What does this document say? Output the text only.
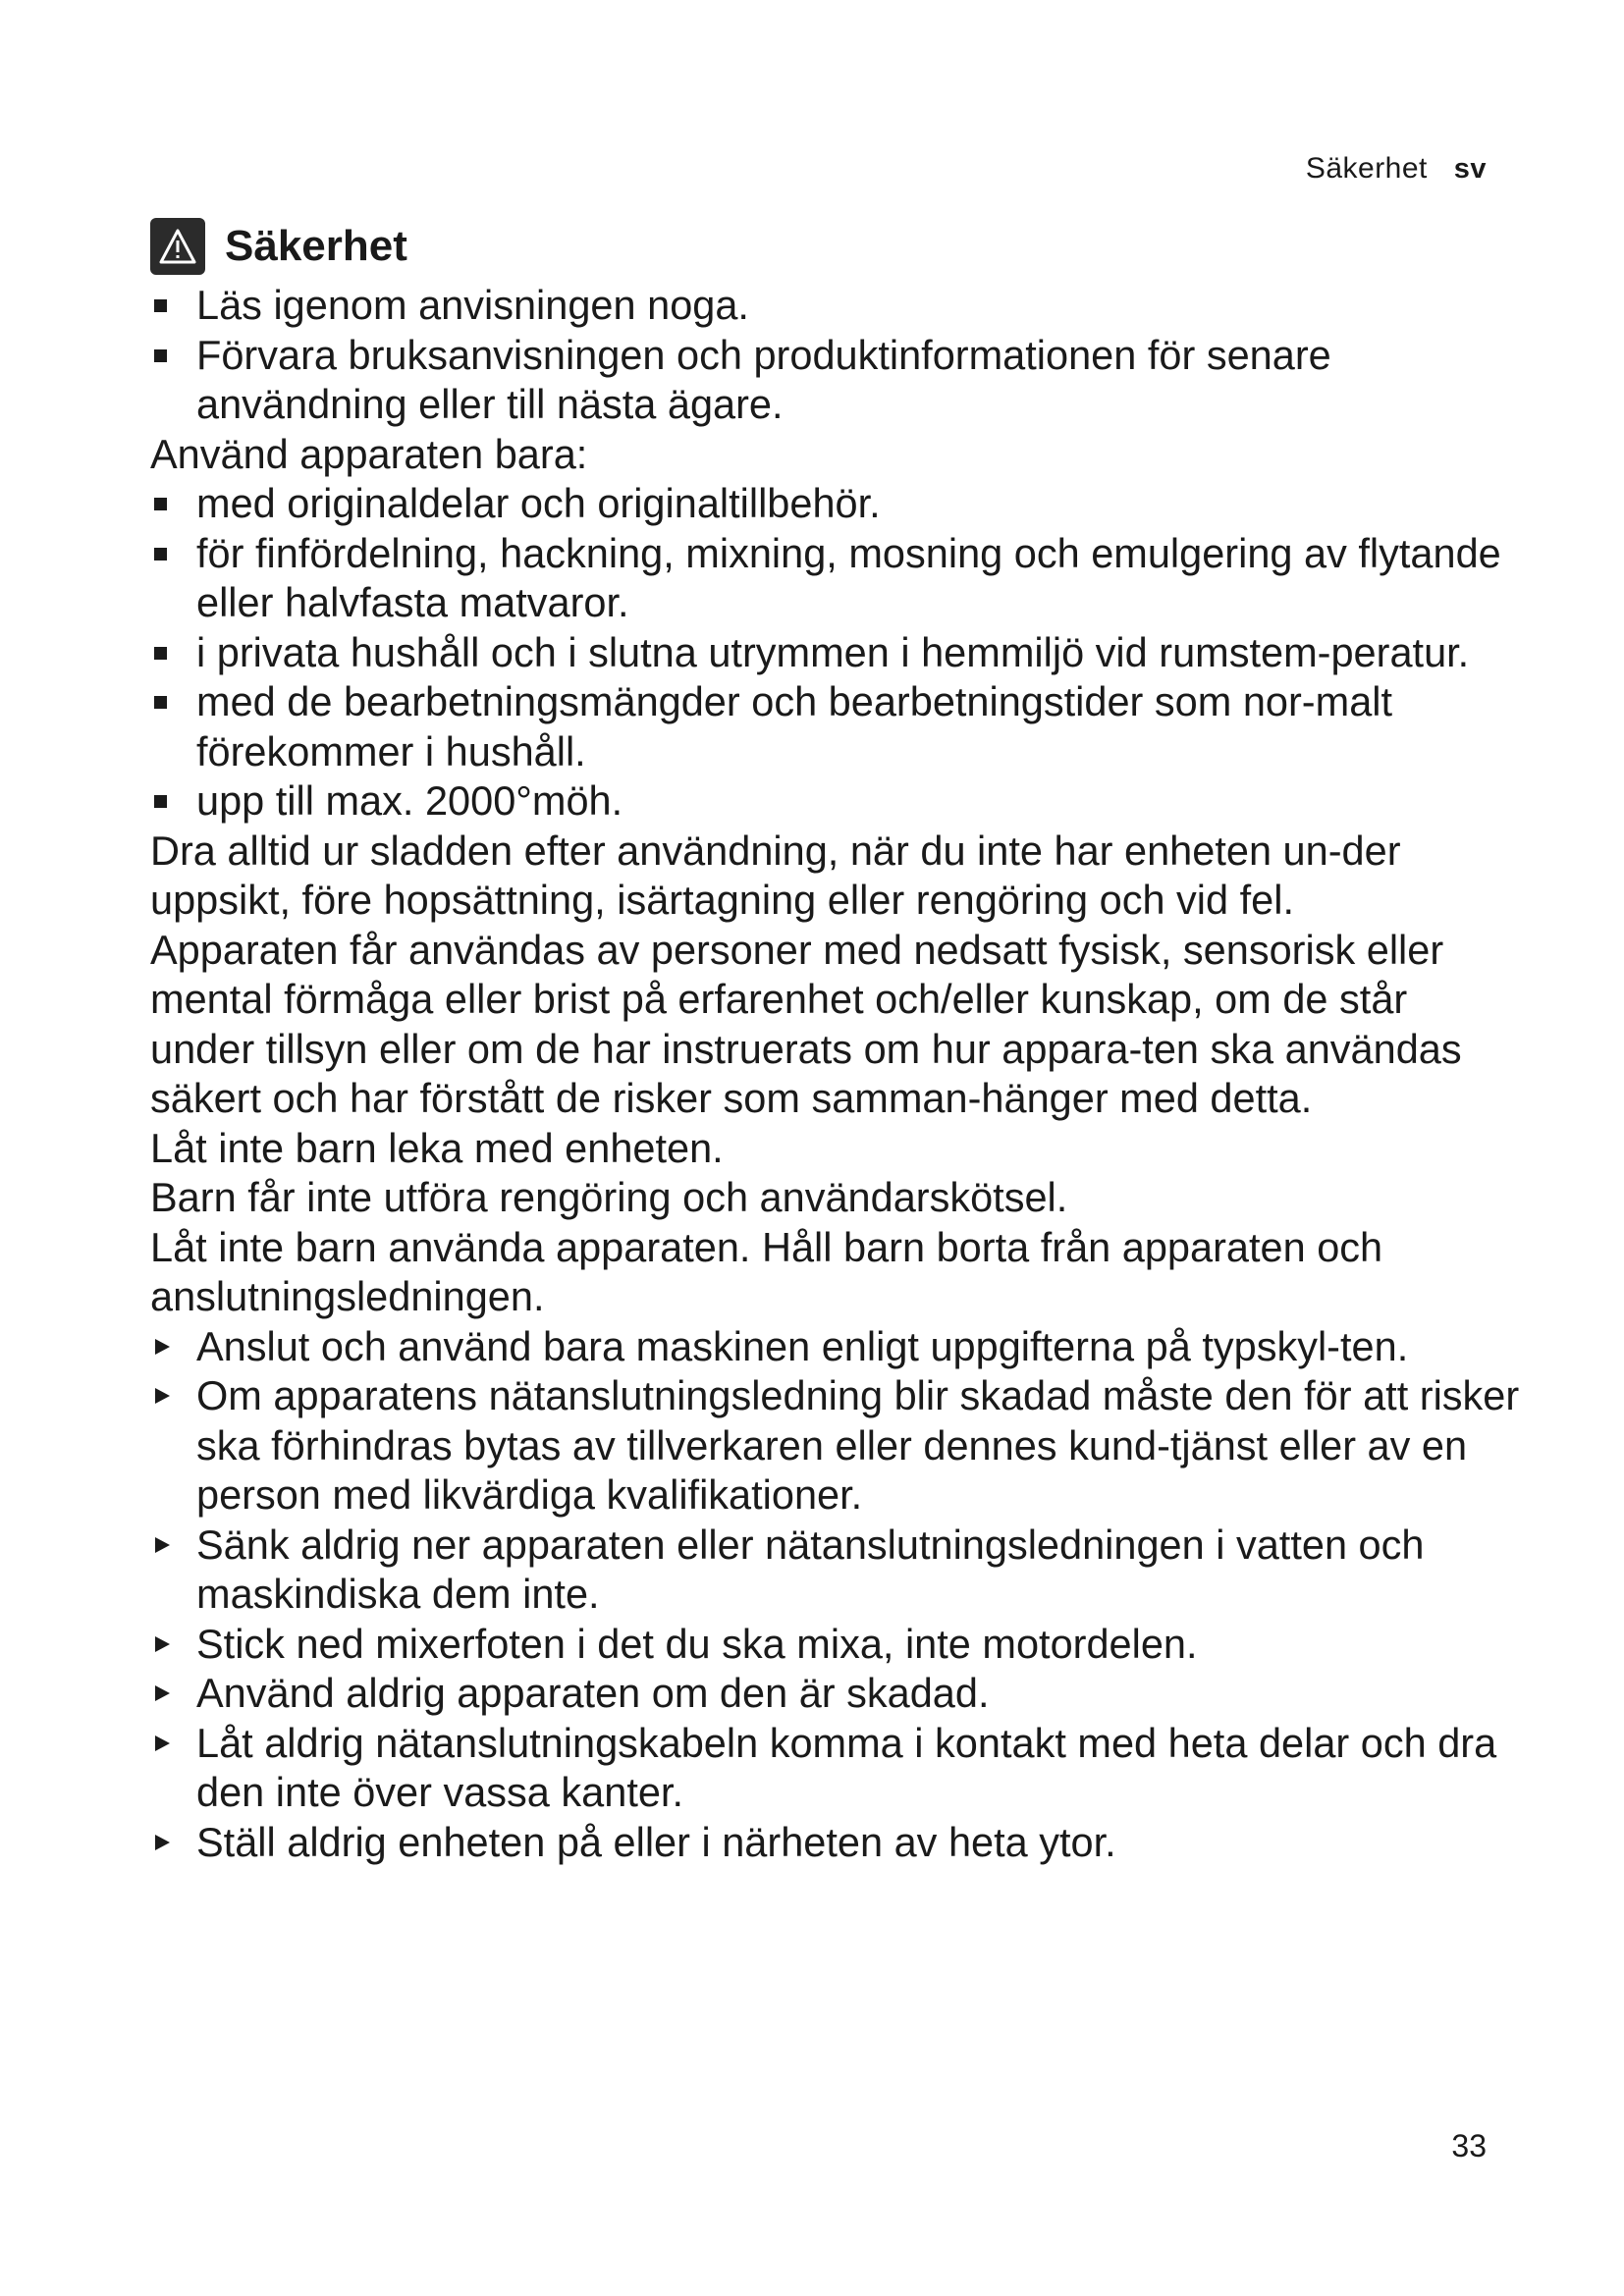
Säkerhet sv
Säkerhet
Läs igenom anvisningen noga.
Förvara bruksanvisningen och produktinformationen för senare användning eller till nästa ägare.

Använd apparaten bara:

med originaldelar och originaltillbehör.
för finfördelning, hackning, mixning, mosning och emulgering av flytande eller halvfasta matvaror.
i privata hushåll och i slutna utrymmen i hemmiljö vid rumstem-peratur.
med de bearbetningsmängder och bearbetningstider som nor-malt förekommer i hushåll.
upp till max. 2000°möh.

Dra alltid ur sladden efter användning, när du inte har enheten un-der uppsikt, före hopsättning, isärtagning eller rengöring och vid fel.

Apparaten får användas av personer med nedsatt fysisk, sensorisk eller mental förmåga eller brist på erfarenhet och/eller kunskap, om de står under tillsyn eller om de har instruerats om hur appara-ten ska användas säkert och har förstått de risker som samman-hänger med detta.

Låt inte barn leka med enheten.

Barn får inte utföra rengöring och användarskötsel.

Låt inte barn använda apparaten. Håll barn borta från apparaten och anslutningsledningen.

Anslut och använd bara maskinen enligt uppgifterna på typskyl-ten.
Om apparatens nätanslutningsledning blir skadad måste den för att risker ska förhindras bytas av tillverkaren eller dennes kund-tjänst eller av en person med likvärdiga kvalifikationer.
Sänk aldrig ner apparaten eller nätanslutningsledningen i vatten och maskindiska dem inte.
Stick ned mixerfoten i det du ska mixa, inte motordelen.
Använd aldrig apparaten om den är skadad.
Låt aldrig nätanslutningskabeln komma i kontakt med heta delar och dra den inte över vassa kanter.
Ställ aldrig enheten på eller i närheten av heta ytor.
33
